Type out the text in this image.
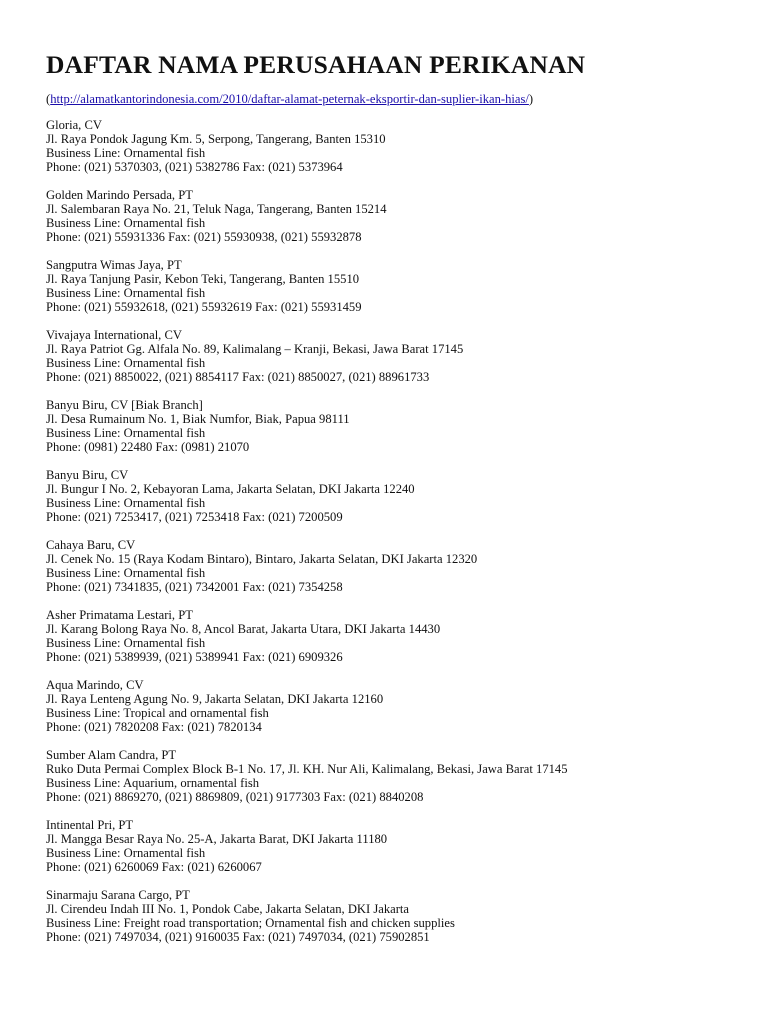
DAFTAR NAMA PERUSAHAAN PERIKANAN
(http://alamatkantorindonesia.com/2010/daftar-alamat-peternak-eksportir-dan-suplier-ikan-hias/)
Gloria, CV
Jl. Raya Pondok Jagung Km. 5, Serpong, Tangerang, Banten 15310
Business Line: Ornamental fish
Phone: (021) 5370303, (021) 5382786 Fax: (021) 5373964
Golden Marindo Persada, PT
Jl. Salembaran Raya No. 21, Teluk Naga, Tangerang, Banten 15214
Business Line: Ornamental fish
Phone: (021) 55931336 Fax: (021) 55930938, (021) 55932878
Sangputra Wimas Jaya, PT
Jl. Raya Tanjung Pasir, Kebon Teki, Tangerang, Banten 15510
Business Line: Ornamental fish
Phone: (021) 55932618, (021) 55932619 Fax: (021) 55931459
Vivajaya International, CV
Jl. Raya Patriot Gg. Alfala No. 89, Kalimalang – Kranji, Bekasi, Jawa Barat 17145
Business Line: Ornamental fish
Phone: (021) 8850022, (021) 8854117 Fax: (021) 8850027, (021) 88961733
Banyu Biru, CV [Biak Branch]
Jl. Desa Rumainum No. 1, Biak Numfor, Biak, Papua 98111
Business Line: Ornamental fish
Phone: (0981) 22480 Fax: (0981) 21070
Banyu Biru, CV
Jl. Bungur I No. 2, Kebayoran Lama, Jakarta Selatan, DKI Jakarta 12240
Business Line: Ornamental fish
Phone: (021) 7253417, (021) 7253418 Fax: (021) 7200509
Cahaya Baru, CV
Jl. Cenek No. 15 (Raya Kodam Bintaro), Bintaro, Jakarta Selatan, DKI Jakarta 12320
Business Line: Ornamental fish
Phone: (021) 7341835, (021) 7342001 Fax: (021) 7354258
Asher Primatama Lestari, PT
Jl. Karang Bolong Raya No. 8, Ancol Barat, Jakarta Utara, DKI Jakarta 14430
Business Line: Ornamental fish
Phone: (021) 5389939, (021) 5389941 Fax: (021) 6909326
Aqua Marindo, CV
Jl. Raya Lenteng Agung No. 9, Jakarta Selatan, DKI Jakarta 12160
Business Line: Tropical and ornamental fish
Phone: (021) 7820208 Fax: (021) 7820134
Sumber Alam Candra, PT
Ruko Duta Permai Complex Block B-1 No. 17, Jl. KH. Nur Ali, Kalimalang, Bekasi, Jawa Barat 17145
Business Line: Aquarium, ornamental fish
Phone: (021) 8869270, (021) 8869809, (021) 9177303 Fax: (021) 8840208
Intinental Pri, PT
Jl. Mangga Besar Raya No. 25-A, Jakarta Barat, DKI Jakarta 11180
Business Line: Ornamental fish
Phone: (021) 6260069 Fax: (021) 6260067
Sinarmaju Sarana Cargo, PT
Jl. Cirendeu Indah III No. 1, Pondok Cabe, Jakarta Selatan, DKI Jakarta
Business Line: Freight road transportation; Ornamental fish and chicken supplies
Phone: (021) 7497034, (021) 9160035 Fax: (021) 7497034, (021) 75902851
